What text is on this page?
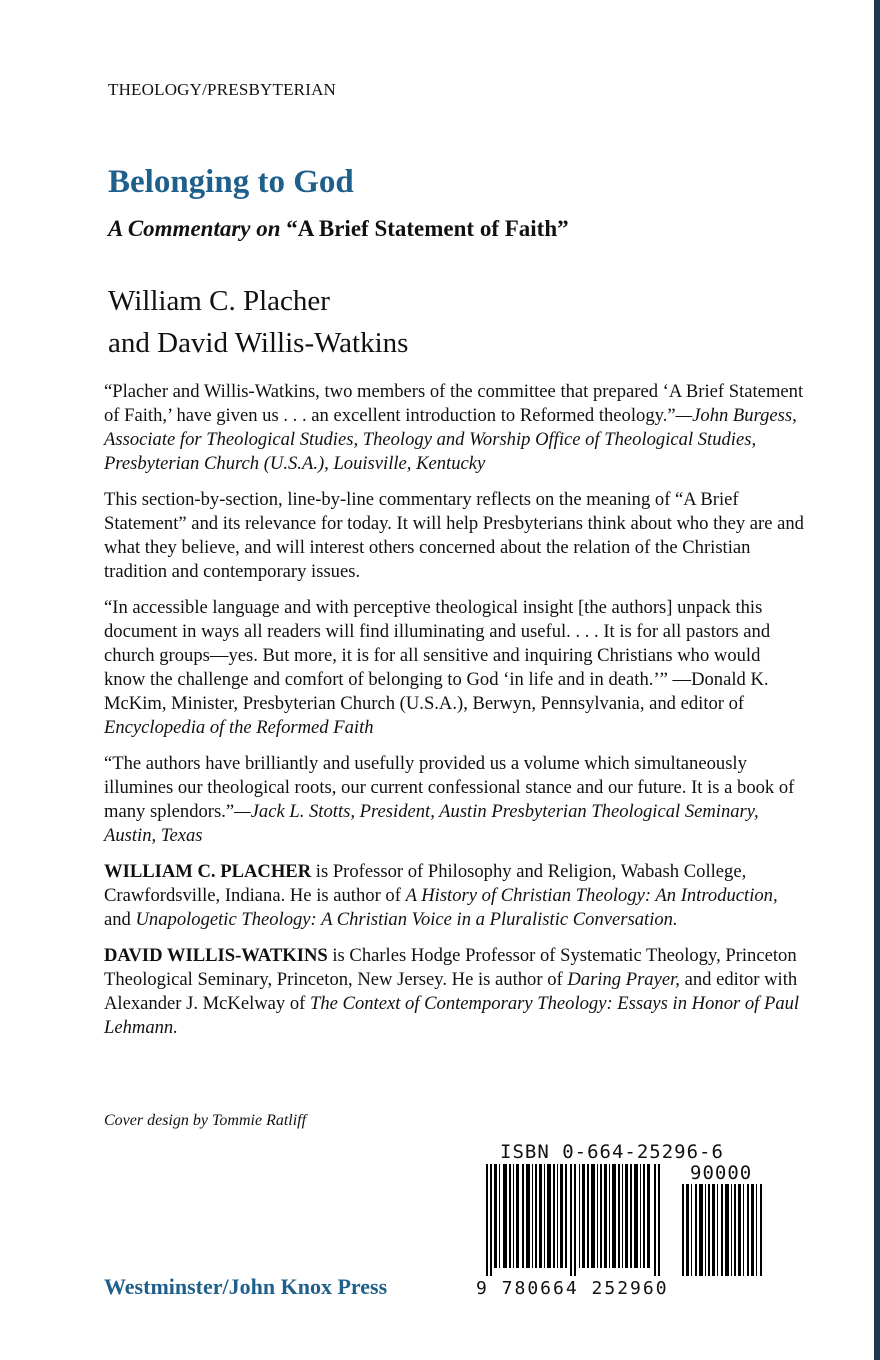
THEOLOGY/PRESBYTERIAN
Belonging to God
A Commentary on “A Brief Statement of Faith”
William C. Placher
and David Willis-Watkins

“Placher and Willis-Watkins, two members of the committee that prepared ‘A Brief Statement of Faith,’ have given us . . . an excellent introduction to Reformed theology.”—John Burgess, Associate for Theological Studies, Theology and Worship Office of Theological Studies, Presbyterian Church (U.S.A.), Louisville, Kentucky

This section-by-section, line-by-line commentary reflects on the meaning of “A Brief Statement” and its relevance for today. It will help Presbyterians think about who they are and what they believe, and will interest others concerned about the relation of the Christian tradition and contemporary issues.

“In accessible language and with perceptive theological insight [the authors] unpack this document in ways all readers will find illuminating and useful. . . . It is for all pastors and church groups—yes. But more, it is for all sensitive and inquiring Christians who would know the challenge and comfort of belonging to God ‘in life and in death.’” —Donald K. McKim, Minister, Presbyterian Church (U.S.A.), Berwyn, Pennsylvania, and editor of Encyclopedia of the Reformed Faith

“The authors have brilliantly and usefully provided us a volume which simultaneously illumines our theological roots, our current confessional stance and our future. It is a book of many splendors.”—Jack L. Stotts, President, Austin Presbyterian Theological Seminary, Austin, Texas

WILLIAM C. PLACHER is Professor of Philosophy and Religion, Wabash College, Crawfordsville, Indiana. He is author of A History of Christian Theology: An Introduction, and Unapologetic Theology: A Christian Voice in a Pluralistic Conversation.

DAVID WILLIS-WATKINS is Charles Hodge Professor of Systematic Theology, Princeton Theological Seminary, Princeton, New Jersey. He is author of Daring Prayer, and editor with Alexander J. McKelway of The Context of Contemporary Theology: Essays in Honor of Paul Lehmann.

Cover design by Tommie Ratliff
Westminster/John Knox Press
ISBN 0-664-25296-6
90000
9 780664 252960
